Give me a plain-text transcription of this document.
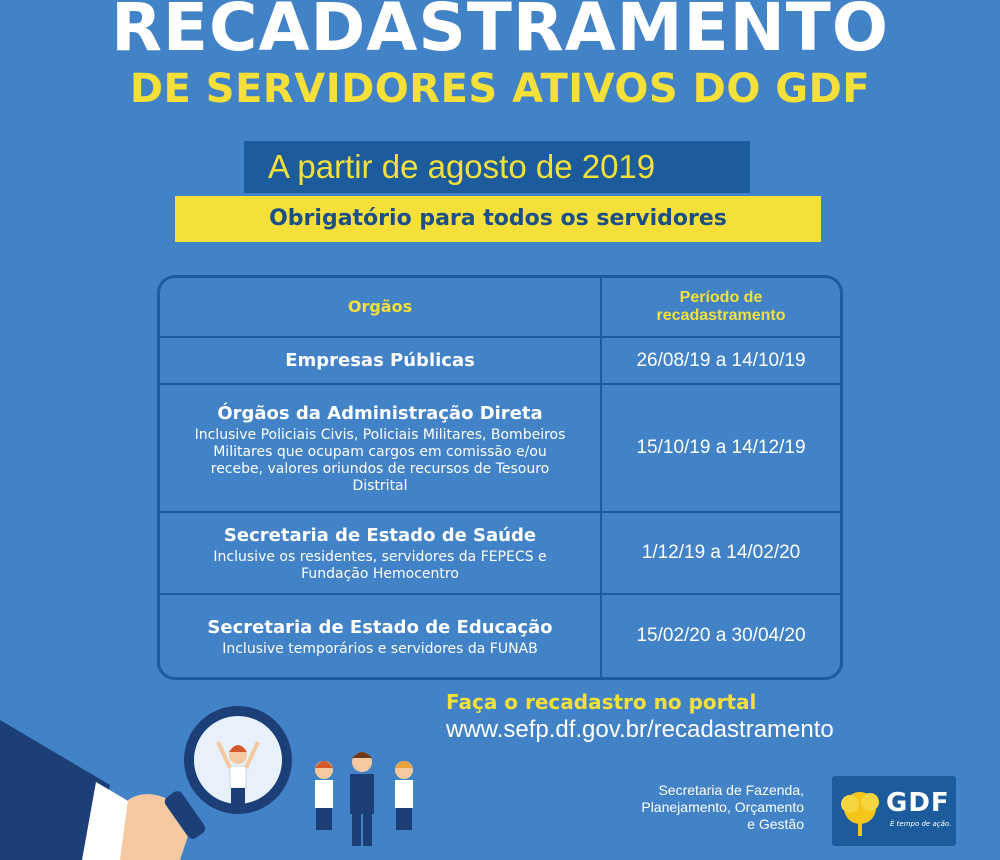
RECADASTRAMENTO
DE SERVIDORES ATIVOS DO GDF
A partir de agosto de 2019
Obrigatório para todos os servidores
Orgãos	Período de recadastramento
Empresas Públicas	26/08/19 a 14/10/19
Órgãos da Administração Direta
Inclusive Policiais Civis, Policiais Militares, Bombeiros Militares que ocupam cargos em comissão e/ou recebe, valores oriundos de recursos de Tesouro Distrital
15/10/19 a 14/12/19
Secretaria de Estado de Saúde
Inclusive os residentes, servidores da FEPECS e Fundação Hemocentro
1/12/19 a 14/02/20
Secretaria de Estado de Educação
Inclusive temporários e servidores da FUNAB
15/02/20 a 30/04/20
Faça o recadastro no portal
www.sefp.df.gov.br/recadastramento
Secretaria de Fazenda,
Planejamento, Orçamento
e Gestão
GDF
É tempo de ação.
